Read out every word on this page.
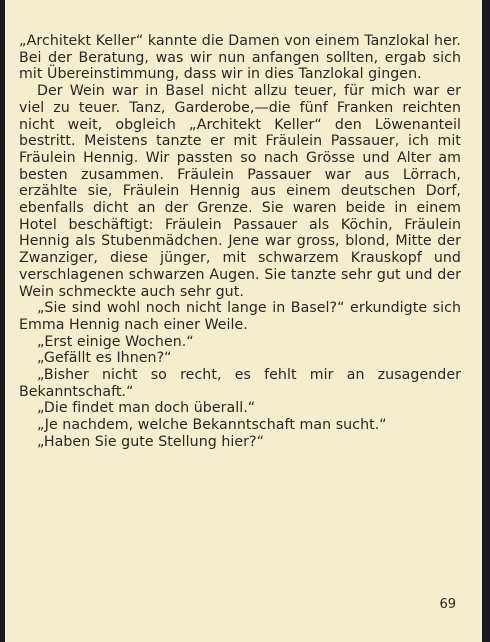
„Architekt Keller“ kannte die Damen von einem Tanzlokal her. Bei der Beratung, was wir nun anfangen sollten, ergab sich mit Übereinstimmung, dass wir in dies Tanzlokal gingen.

Der Wein war in Basel nicht allzu teuer, für mich war er viel zu teuer. Tanz, Garderobe,—die fünf Franken reichten nicht weit, obgleich „Architekt Keller“ den Löwenanteil bestritt. Meistens tanzte er mit Fräulein Passauer, ich mit Fräulein Hennig. Wir passten so nach Grösse und Alter am besten zusammen. Fräulein Passauer war aus Lörrach, erzählte sie, Fräulein Hennig aus einem deutschen Dorf, ebenfalls dicht an der Grenze. Sie waren beide in einem Hotel beschäftigt: Fräulein Passauer als Köchin, Fräulein Hennig als Stubenmädchen. Jene war gross, blond, Mitte der Zwanziger, diese jünger, mit schwarzem Krauskopf und verschlagenen schwarzen Augen. Sie tanzte sehr gut und der Wein schmeckte auch sehr gut.

„Sie sind wohl noch nicht lange in Basel?“ erkundigte sich Emma Hennig nach einer Weile.

„Erst einige Wochen.“

„Gefällt es Ihnen?“

„Bisher nicht so recht, es fehlt mir an zusagender Bekanntschaft.“

„Die findet man doch überall.“

„Je nachdem, welche Bekanntschaft man sucht.“

„Haben Sie gute Stellung hier?“

69
